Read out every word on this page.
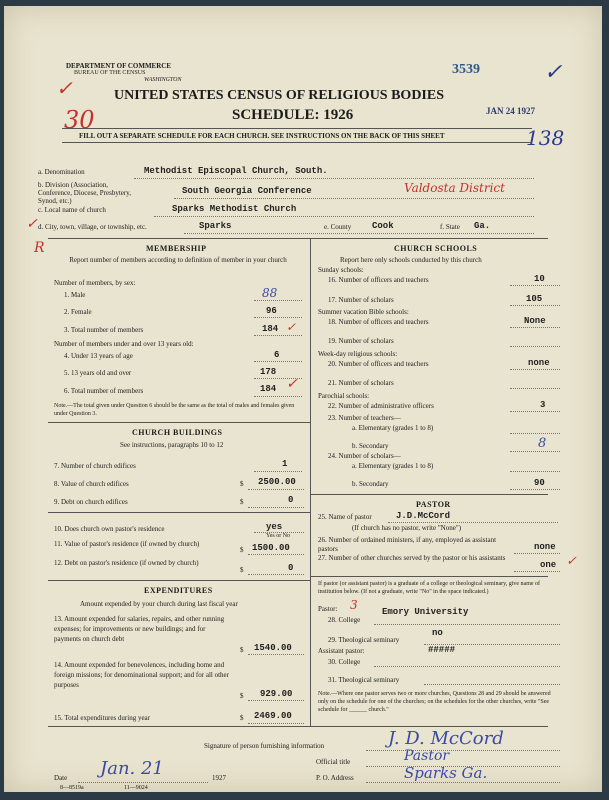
DEPARTMENT OF COMMERCE
BUREAU OF THE CENSUS
WASHINGTON
3539
UNITED STATES CENSUS OF RELIGIOUS BODIES
SCHEDULE: 1926	JAN 24 1927
30
138
✓
✓
FILL OUT A SEPARATE SCHEDULE FOR EACH CHURCH. SEE INSTRUCTIONS ON THE BACK OF THIS SHEET
a. Denomination	Methodist Episcopal Church, South.
b. Division (Association, Conference, Diocese, Presbytery, Synod, etc.)
South Georgia Conference	Valdosta District
c. Local name of church	Sparks Methodist Church
d. City, town, village, or township, etc.	Sparks	e. County Cook	f. State Ga.
✓
R	MEMBERSHIP
Report number of members according to definition of member in your church
Number of members, by sex:
1. Male	88
2. Female	96
3. Total number of members	184 ✓
Number of members under and over 13 years old:
4. Under 13 years of age	6
5. 13 years old and over	178
6. Total number of members	184 ✓
Note.—The total given under Question 6 should be the same as the total of males and females given under Question 3.
CHURCH BUILDINGS
See instructions, paragraphs 10 to 12
7. Number of church edifices	1
8. Value of church edifices	$ 2500.00
9. Debt on church edifices	$	0
10. Does church own pastor's residence	yes
Yes or No
11. Value of pastor's residence (if owned by church)
$ 1500.00
12. Debt on pastor's residence (if owned by church)
$	0
EXPENDITURES
Amount expended by your church during last fiscal year
13. Amount expended for salaries, repairs, and other running expenses; for improvements or new buildings; and for payments on church debt
$ 1540.00
14. Amount expended for benevolences, including home and foreign missions; for denominational support; and for all other purposes
$ 929.00
15. Total expenditures during year	$ 2469.00
CHURCH SCHOOLS
Report here only schools conducted by this church
Sunday schools:
16. Number of officers and teachers	10
17. Number of scholars	105
Summer vacation Bible schools:
18. Number of officers and teachers	None
19. Number of scholars
Week-day religious schools:
20. Number of officers and teachers	none
21. Number of scholars
Parochial schools:
22. Number of administrative officers	3
23. Number of teachers—
a. Elementary (grades 1 to 8)
b. Secondary	8
24. Number of scholars—
a. Elementary (grades 1 to 8)
b. Secondary	90
PASTOR
25. Name of pastor	J.D.McCord
(If church has no pastor, write "None")
26. Number of ordained ministers, if any, employed as assistant pastors	none
27. Number of other churches served by the pastor or his assistants
one ✓
If pastor (or assistant pastor) is a graduate of a college or theological seminary, give name of institution below. (If not a graduate, write "No" in the space indicated.)
Pastor: 3
28. College
Emory University
29. Theological seminary
no
Assistant pastor:	#####
30. College
31. Theological seminary
Note.—Where one pastor serves two or more churches, Questions 28 and 29 should be answered only on the schedule for one of the churches; on the schedules for the other churches, write "See schedule for ______ church."
Signature of person furnishing information	J. D. McCord
Official title	Pastor
Date Jan. 21	1927	P. O. Address	Sparks Ga.
8—8519a	11—9024
